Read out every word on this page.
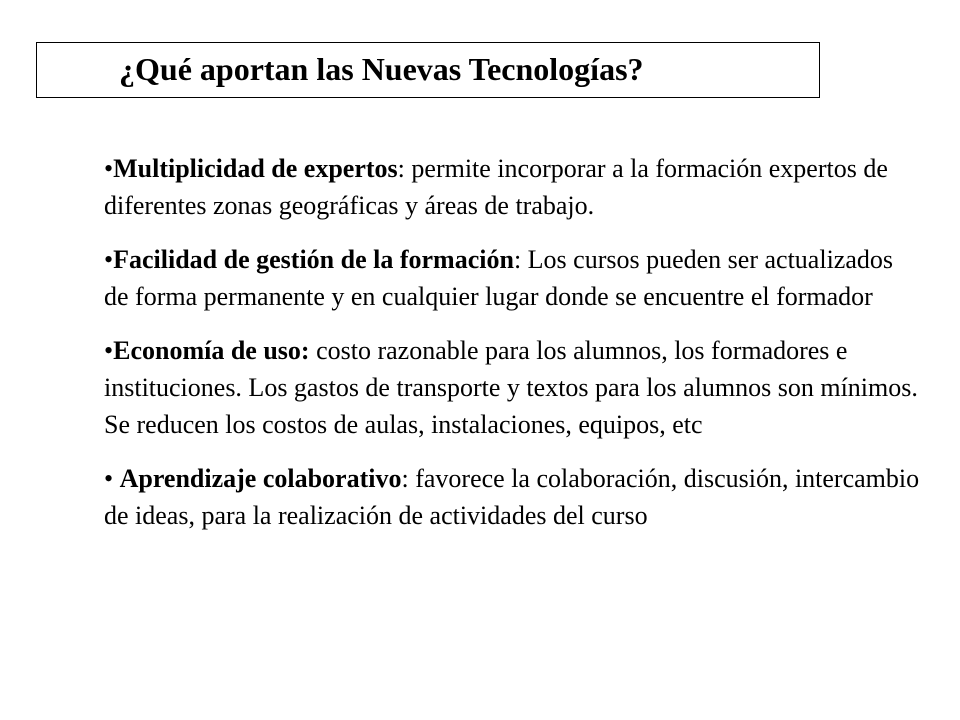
¿Qué aportan las Nuevas Tecnologías?

•Multiplicidad de expertos: permite incorporar a la formación expertos de diferentes zonas geográficas y áreas de trabajo.

•Facilidad de gestión de la formación: Los cursos pueden ser actualizados de forma permanente y en cualquier lugar donde se encuentre el formador

•Economía de uso: costo razonable para los alumnos, los formadores e instituciones. Los gastos de transporte y textos para los alumnos son mínimos. Se reducen los costos de aulas, instalaciones, equipos, etc

• Aprendizaje colaborativo: favorece la colaboración, discusión, intercambio de ideas, para la realización de actividades del curso
